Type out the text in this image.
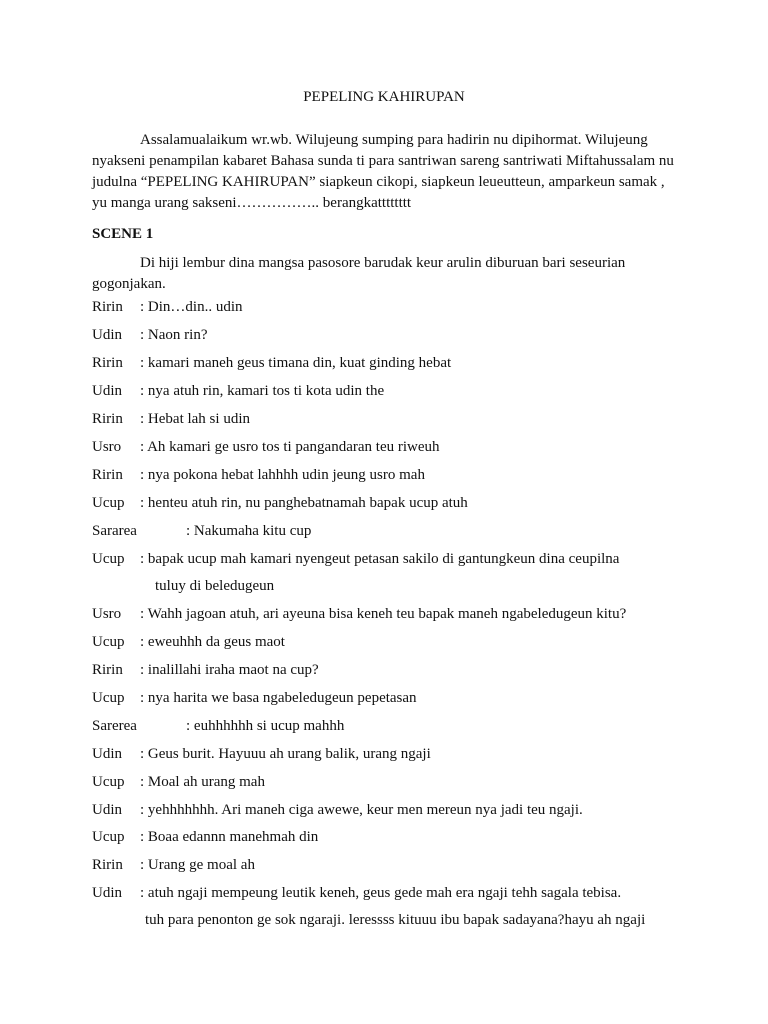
PEPELING KAHIRUPAN

Assalamualaikum wr.wb. Wilujeung sumping para hadirin nu dipihormat. Wilujeung nyakseni penampilan kabaret Bahasa sunda ti para santriwan sareng santriwati Miftahussalam nu judulna “PEPELING KAHIRUPAN” siapkeun cikopi, siapkeun leueutteun, amparkeun samak , yu manga urang sakseni…………….. berangkatttttttt

SCENE 1

Di hiji lembur dina mangsa pasosore barudak keur arulin diburuan bari seseurian gogonjakan.

Ririn : Din…din.. udin
Udin : Naon rin?
Ririn : kamari maneh geus timana din, kuat ginding hebat
Udin : nya atuh rin, kamari tos ti kota udin the
Ririn : Hebat lah si udin
Usro : Ah kamari ge usro tos ti pangandaran teu riweuh
Ririn : nya pokona hebat lahhhh udin jeung usro mah
Ucup : henteu atuh rin, nu panghebatnamah bapak ucup atuh
Sararea	: Nakumaha kitu cup
Ucup : bapak ucup mah kamari nyengeut petasan sakilo di gantungkeun dina ceupilna
tuluy di beledugeun
Usro : Wahh jagoan atuh, ari ayeuna bisa keneh teu bapak maneh ngabeledugeun kitu?
Ucup : eweuhhh da geus maot
Ririn : inalillahi iraha maot na cup?
Ucup : nya harita we basa ngabeledugeun pepetasan
Sarerea	: euhhhhhh si ucup mahhh
Udin : Geus burit. Hayuuu ah urang balik, urang ngaji
Ucup : Moal ah urang mah
Udin : yehhhhhhh. Ari maneh ciga awewe, keur men mereun nya jadi teu ngaji.
Ucup : Boaa edannn manehmah din
Ririn : Urang ge moal ah
Udin : atuh ngaji mempeung leutik keneh, geus gede mah era ngaji tehh sagala tebisa.
tuh para penonton ge sok ngaraji. leressss kituuu ibu bapak sadayana?hayu ah ngaji
